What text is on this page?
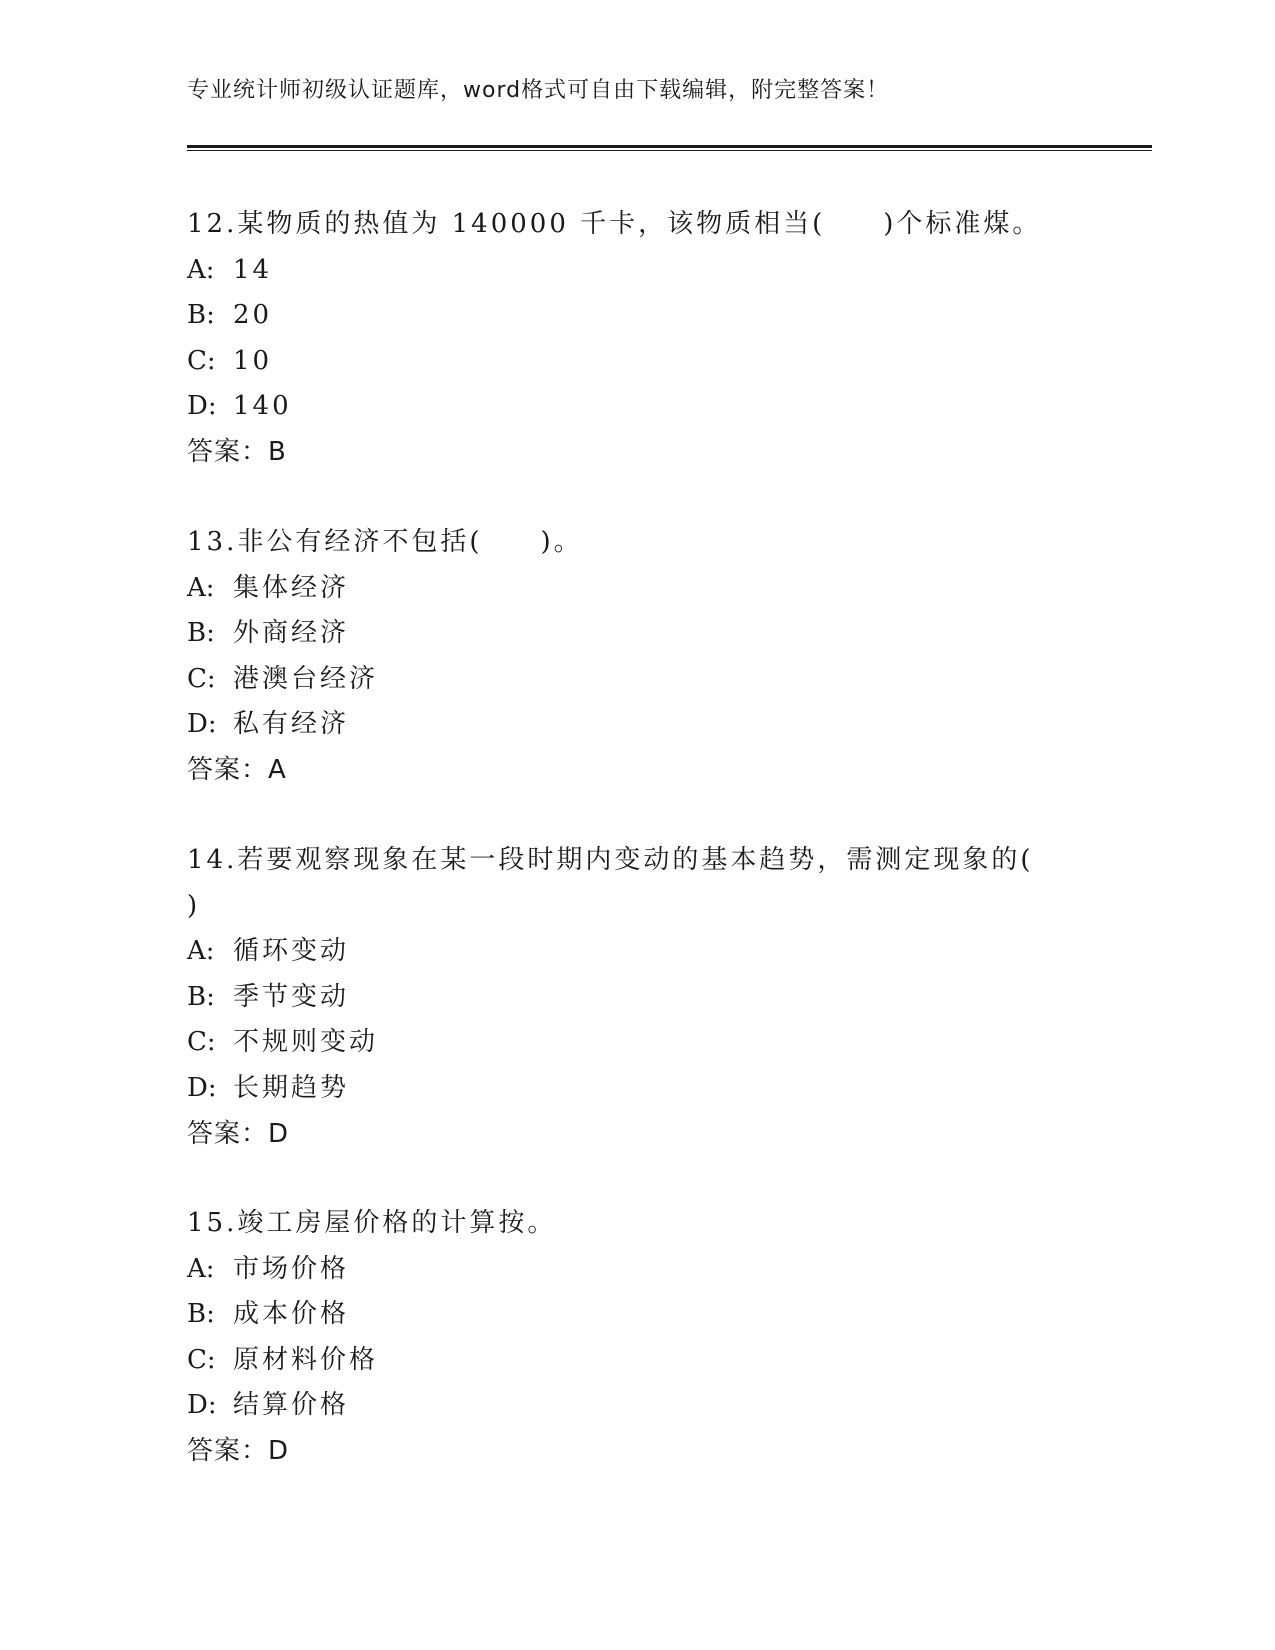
专业统计师初级认证题库，word格式可自由下载编辑，附完整答案！
12.某物质的热值为 140000 千卡，该物质相当(　　)个标准煤。
A: 14
B: 20
C: 10
D: 140
答案：B
13.非公有经济不包括(　　)。
A: 集体经济
B: 外商经济
C: 港澳台经济
D: 私有经济
答案：A
14.若要观察现象在某一段时期内变动的基本趋势，需测定现象的(　　)
A: 循环变动
B: 季节变动
C: 不规则变动
D: 长期趋势
答案：D
15.竣工房屋价格的计算按。
A: 市场价格
B: 成本价格
C: 原材料价格
D: 结算价格
答案：D
